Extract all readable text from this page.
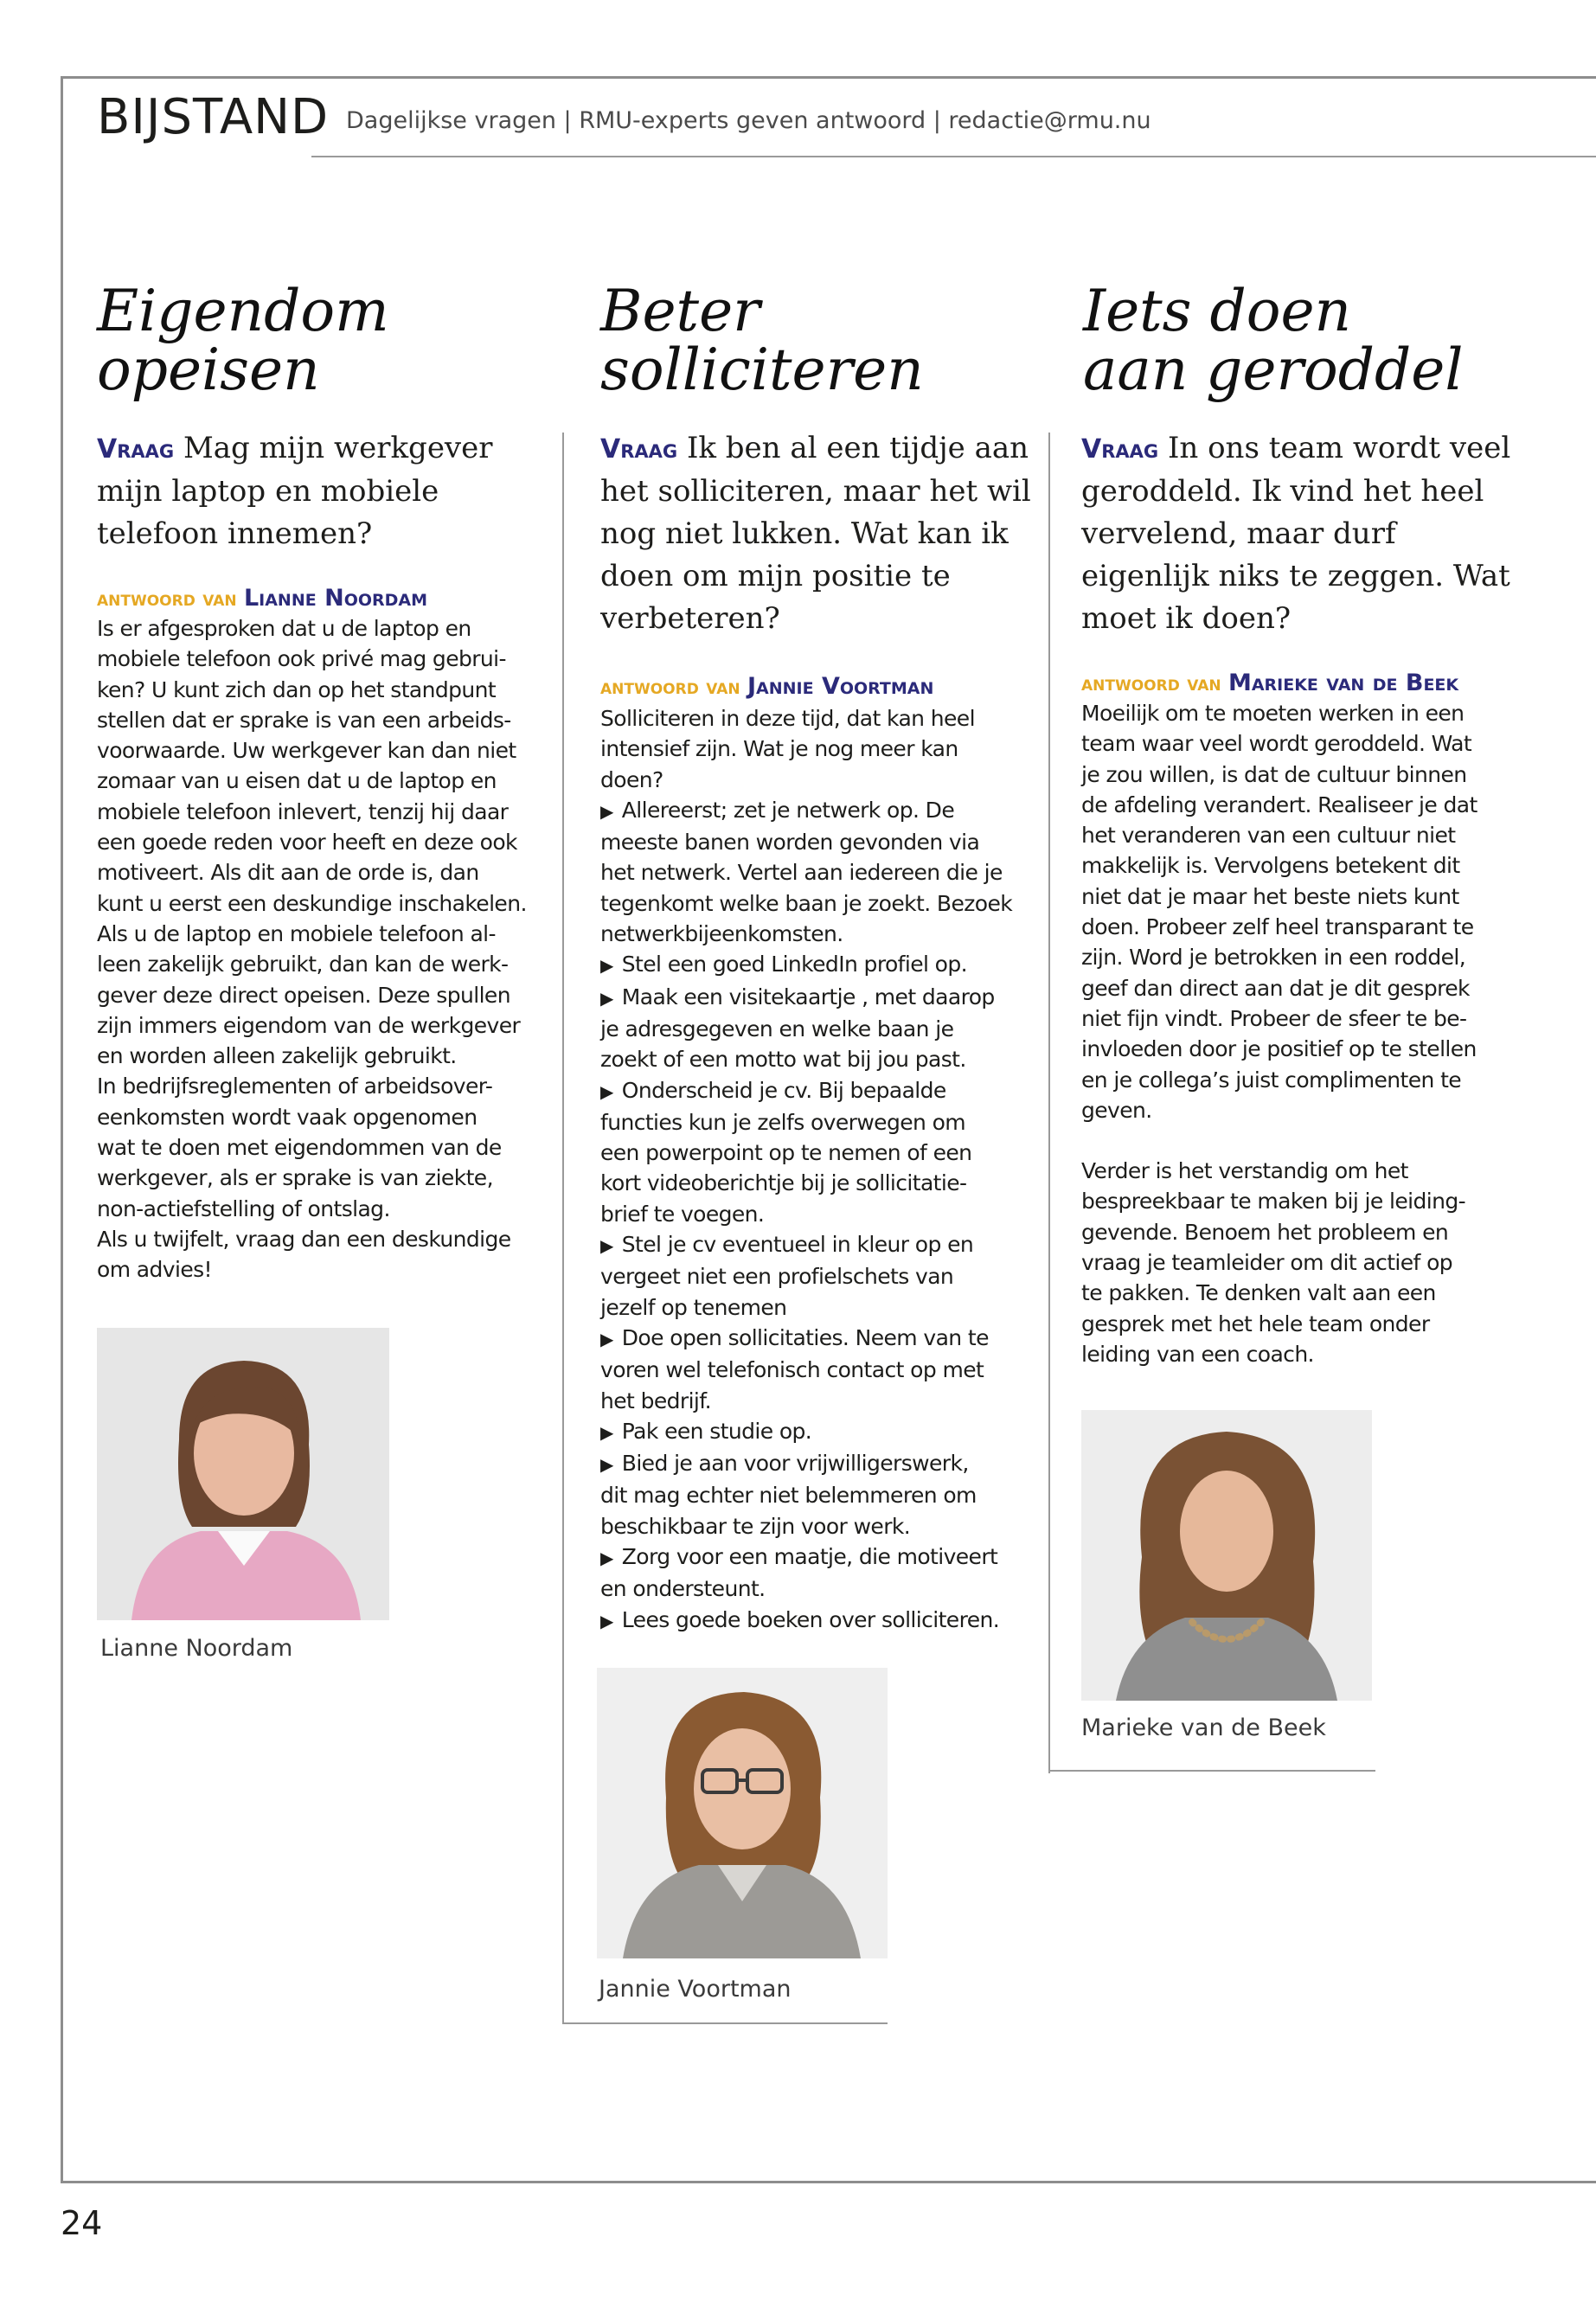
BIJSTAND Dagelijkse vragen | RMU-experts geven antwoord | redactie@rmu.nu
Eigendom
opeisen
Vraag Mag mijn werkgever mijn laptop en mobiele telefoon innemen?
antwoord van Lianne Noordam

Is er afgesproken dat u de laptop en

mobiele telefoon ook privé mag gebrui-

ken? U kunt zich dan op het standpunt

stellen dat er sprake is van een arbeids-

voorwaarde. Uw werkgever kan dan niet

zomaar van u eisen dat u de laptop en

mobiele telefoon inlevert, tenzij hij daar

een goede reden voor heeft en deze ook

motiveert. Als dit aan de orde is, dan

kunt u eerst een deskundige inschakelen.

Als u de laptop en mobiele telefoon al-

leen zakelijk gebruikt, dan kan de werk-

gever deze direct opeisen. Deze spullen

zijn immers eigendom van de werkgever

en worden alleen zakelijk gebruikt.

In bedrijfsreglementen of arbeidsover-

eenkomsten wordt vaak opgenomen

wat te doen met eigendommen van de

werkgever, als er sprake is van ziekte,

non-actiefstelling of ontslag.

Als u twijfelt, vraag dan een deskundige

om advies!

Lianne Noordam
Beter
solliciteren
Vraag Ik ben al een tijdje aan het solliciteren, maar het wil nog niet lukken. Wat kan ik doen om mijn positie te verbeteren?
antwoord van Jannie Voortman

Solliciteren in deze tijd, dat kan heel

intensief zijn. Wat je nog meer kan

doen?

▶ Allereerst; zet je netwerk op. De

meeste banen worden gevonden via

het netwerk. Vertel aan iedereen die je

tegenkomt welke baan je zoekt. Bezoek

netwerkbijeenkomsten.

▶ Stel een goed LinkedIn profiel op.

▶ Maak een visitekaartje , met daarop

je adresgegeven en welke baan je

zoekt of een motto wat bij jou past.

▶ Onderscheid je cv. Bij bepaalde

functies kun je zelfs overwegen om

een powerpoint op te nemen of een

kort videoberichtje bij je sollicitatie-

brief te voegen.

▶ Stel je cv eventueel in kleur op en

vergeet niet een profielschets van

jezelf op tenemen

▶ Doe open sollicitaties. Neem van te

voren wel telefonisch contact op met

het bedrijf.

▶ Pak een studie op.

▶ Bied je aan voor vrijwilligerswerk,

dit mag echter niet belemmeren om

beschikbaar te zijn voor werk.

▶ Zorg voor een maatje, die motiveert

en ondersteunt.

▶ Lees goede boeken over solliciteren.

Jannie Voortman
Iets doen
aan geroddel
Vraag In ons team wordt veel geroddeld. Ik vind het heel vervelend, maar durf eigenlijk niks te zeggen. Wat moet ik doen?
antwoord van Marieke van de Beek

Moeilijk om te moeten werken in een

team waar veel wordt geroddeld. Wat

je zou willen, is dat de cultuur binnen

de afdeling verandert. Realiseer je dat

het veranderen van een cultuur niet

makkelijk is. Vervolgens betekent dit

niet dat je maar het beste niets kunt

doen. Probeer zelf heel transparant te

zijn. Word je betrokken in een roddel,

geef dan direct aan dat je dit gesprek

niet fijn vindt. Probeer de sfeer te be-

invloeden door je positief op te stellen

en je collega’s juist complimenten te

geven.

Verder is het verstandig om het

bespreekbaar te maken bij je leiding-

gevende. Benoem het probleem en

vraag je teamleider om dit actief op

te pakken. Te denken valt aan een

gesprek met het hele team onder

leiding van een coach.

Marieke van de Beek
24
